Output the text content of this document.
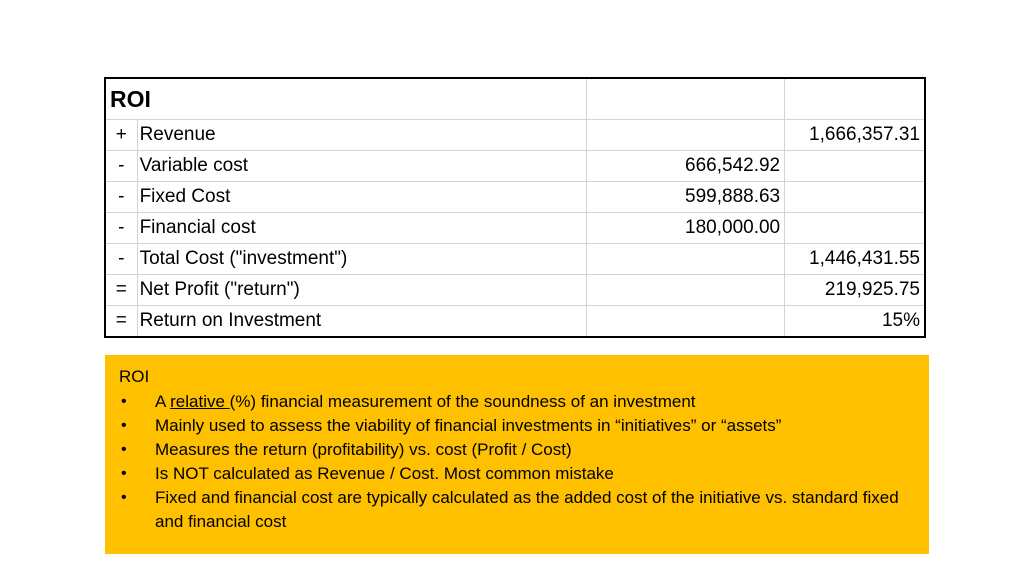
ROI			
+	Revenue		1,666,357.31
-	Variable cost	666,542.92	
-	Fixed Cost	599,888.63	
-	Financial cost	180,000.00	
-	Total Cost ("investment")		1,446,431.55
=	Net Profit ("return")		219,925.75
=	Return on Investment		15%
ROI
• A relative (%) financial measurement of the soundness of an investment
• Mainly used to assess the viability of financial investments in “initiatives” or “assets”
• Measures the return (profitability) vs. cost (Profit / Cost)
• Is NOT calculated as Revenue / Cost. Most common mistake
• Fixed and financial cost are typically calculated as the added cost of the initiative vs. standard fixed and financial cost
